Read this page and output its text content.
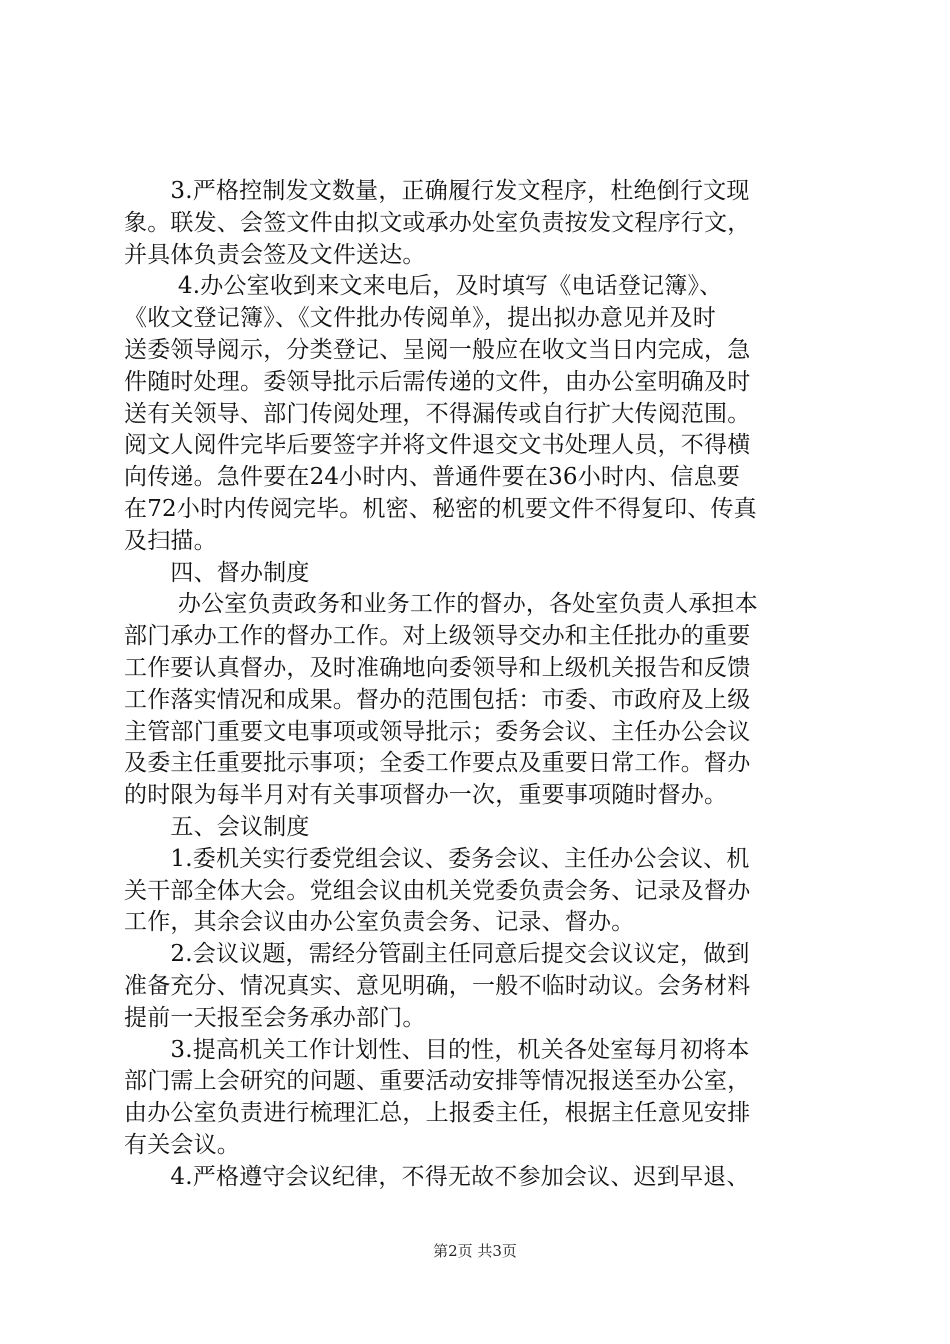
　　3.严格控制发文数量，正确履行发文程序，杜绝倒行文现
象。联发、会签文件由拟文或承办处室负责按发文程序行文，
并具体负责会签及文件送达。
　　 4.办公室收到来文来电后，及时填写《电话登记簿》、
《收文登记簿》、《文件批办传阅单》，提出拟办意见并及时
送委领导阅示，分类登记、呈阅一般应在收文当日内完成，急
件随时处理。委领导批示后需传递的文件，由办公室明确及时
送有关领导、部门传阅处理，不得漏传或自行扩大传阅范围。
阅文人阅件完毕后要签字并将文件退交文书处理人员，不得横
向传递。急件要在24小时内、普通件要在36小时内、信息要
在72小时内传阅完毕。机密、秘密的机要文件不得复印、传真
及扫描。
　　四、督办制度
　　 办公室负责政务和业务工作的督办，各处室负责人承担本
部门承办工作的督办工作。对上级领导交办和主任批办的重要
工作要认真督办，及时准确地向委领导和上级机关报告和反馈
工作落实情况和成果。督办的范围包括：市委、市政府及上级
主管部门重要文电事项或领导批示；委务会议、主任办公会议
及委主任重要批示事项；全委工作要点及重要日常工作。督办
的时限为每半月对有关事项督办一次，重要事项随时督办。
　　五、会议制度
　　1.委机关实行委党组会议、委务会议、主任办公会议、机
关干部全体大会。党组会议由机关党委负责会务、记录及督办
工作，其余会议由办公室负责会务、记录、督办。
　　2.会议议题，需经分管副主任同意后提交会议议定，做到
准备充分、情况真实、意见明确，一般不临时动议。会务材料
提前一天报至会务承办部门。
　　3.提高机关工作计划性、目的性，机关各处室每月初将本
部门需上会研究的问题、重要活动安排等情况报送至办公室，
由办公室负责进行梳理汇总，上报委主任，根据主任意见安排
有关会议。
　　4.严格遵守会议纪律，不得无故不参加会议、迟到早退、
第2页 共3页
